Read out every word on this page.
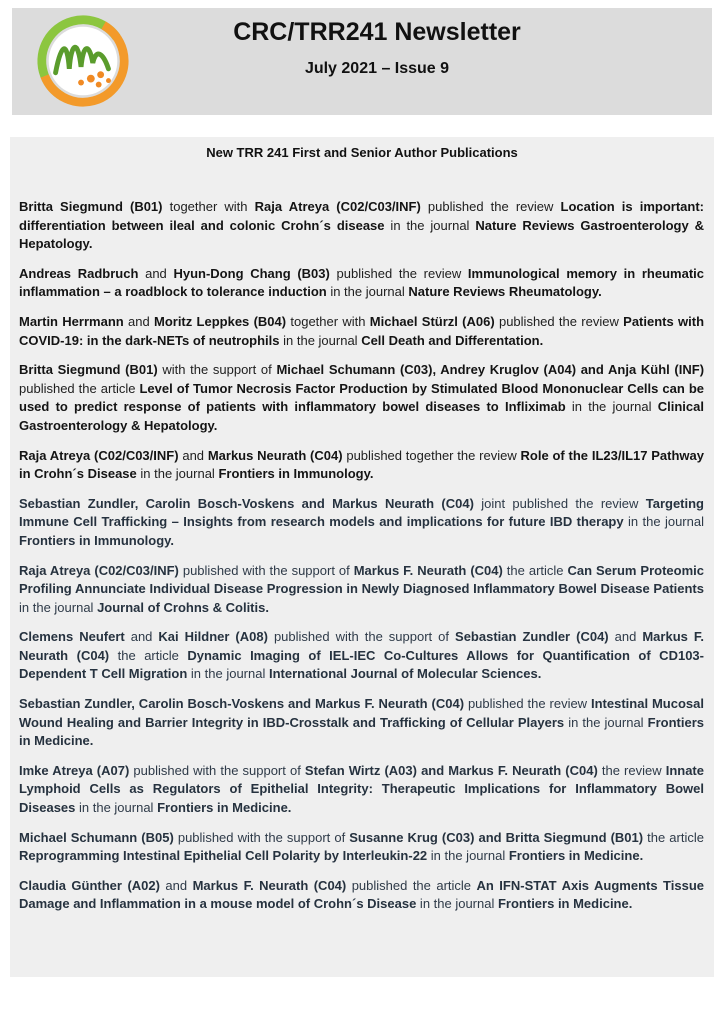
CRC/TRR241 Newsletter
July 2021 – Issue 9
New TRR 241 First and Senior Author Publications

Britta Siegmund (B01) together with Raja Atreya (C02/C03/INF) published the review Location is important: differentiation between ileal and colonic Crohn´s disease in the journal Nature Reviews Gastroenterology & Hepatology.

Andreas Radbruch and Hyun-Dong Chang (B03) published the review Immunological memory in rheumatic inflammation – a roadblock to tolerance induction in the journal Nature Reviews Rheumatology.

Martin Herrmann and Moritz Leppkes (B04) together with Michael Stürzl (A06) published the review Patients with COVID-19: in the dark-NETs of neutrophils in the journal Cell Death and Differentation.

Britta Siegmund (B01) with the support of Michael Schumann (C03), Andrey Kruglov (A04) and Anja Kühl (INF) published the article Level of Tumor Necrosis Factor Production by Stimulated Blood Mononuclear Cells can be used to predict response of patients with inflammatory bowel diseases to Infliximab in the journal Clinical Gastroenterology & Hepatology.

Raja Atreya (C02/C03/INF) and Markus Neurath (C04) published together the review Role of the IL23/IL17 Pathway in Crohn´s Disease in the journal Frontiers in Immunology.

Sebastian Zundler, Carolin Bosch-Voskens and Markus Neurath (C04) joint published the review Targeting Immune Cell Trafficking – Insights from research models and implications for future IBD therapy in the journal Frontiers in Immunology.

Raja Atreya (C02/C03/INF) published with the support of Markus F. Neurath (C04) the article Can Serum Proteomic Profiling Annunciate Individual Disease Progression in Newly Diagnosed Inflammatory Bowel Disease Patients in the journal Journal of Crohns & Colitis.

Clemens Neufert and Kai Hildner (A08) published with the support of Sebastian Zundler (C04) and Markus F. Neurath (C04) the article Dynamic Imaging of IEL-IEC Co-Cultures Allows for Quantification of CD103-Dependent T Cell Migration in the journal International Journal of Molecular Sciences.

Sebastian Zundler, Carolin Bosch-Voskens and Markus F. Neurath (C04) published the review Intestinal Mucosal Wound Healing and Barrier Integrity in IBD-Crosstalk and Trafficking of Cellular Players in the journal Frontiers in Medicine.

Imke Atreya (A07) published with the support of Stefan Wirtz (A03) and Markus F. Neurath (C04) the review Innate Lymphoid Cells as Regulators of Epithelial Integrity: Therapeutic Implications for Inflammatory Bowel Diseases in the journal Frontiers in Medicine.

Michael Schumann (B05) published with the support of Susanne Krug (C03) and Britta Siegmund (B01) the article Reprogramming Intestinal Epithelial Cell Polarity by Interleukin-22 in the journal Frontiers in Medicine.

Claudia Günther (A02) and Markus F. Neurath (C04) published the article An IFN-STAT Axis Augments Tissue Damage and Inflammation in a mouse model of Crohn´s Disease in the journal Frontiers in Medicine.
